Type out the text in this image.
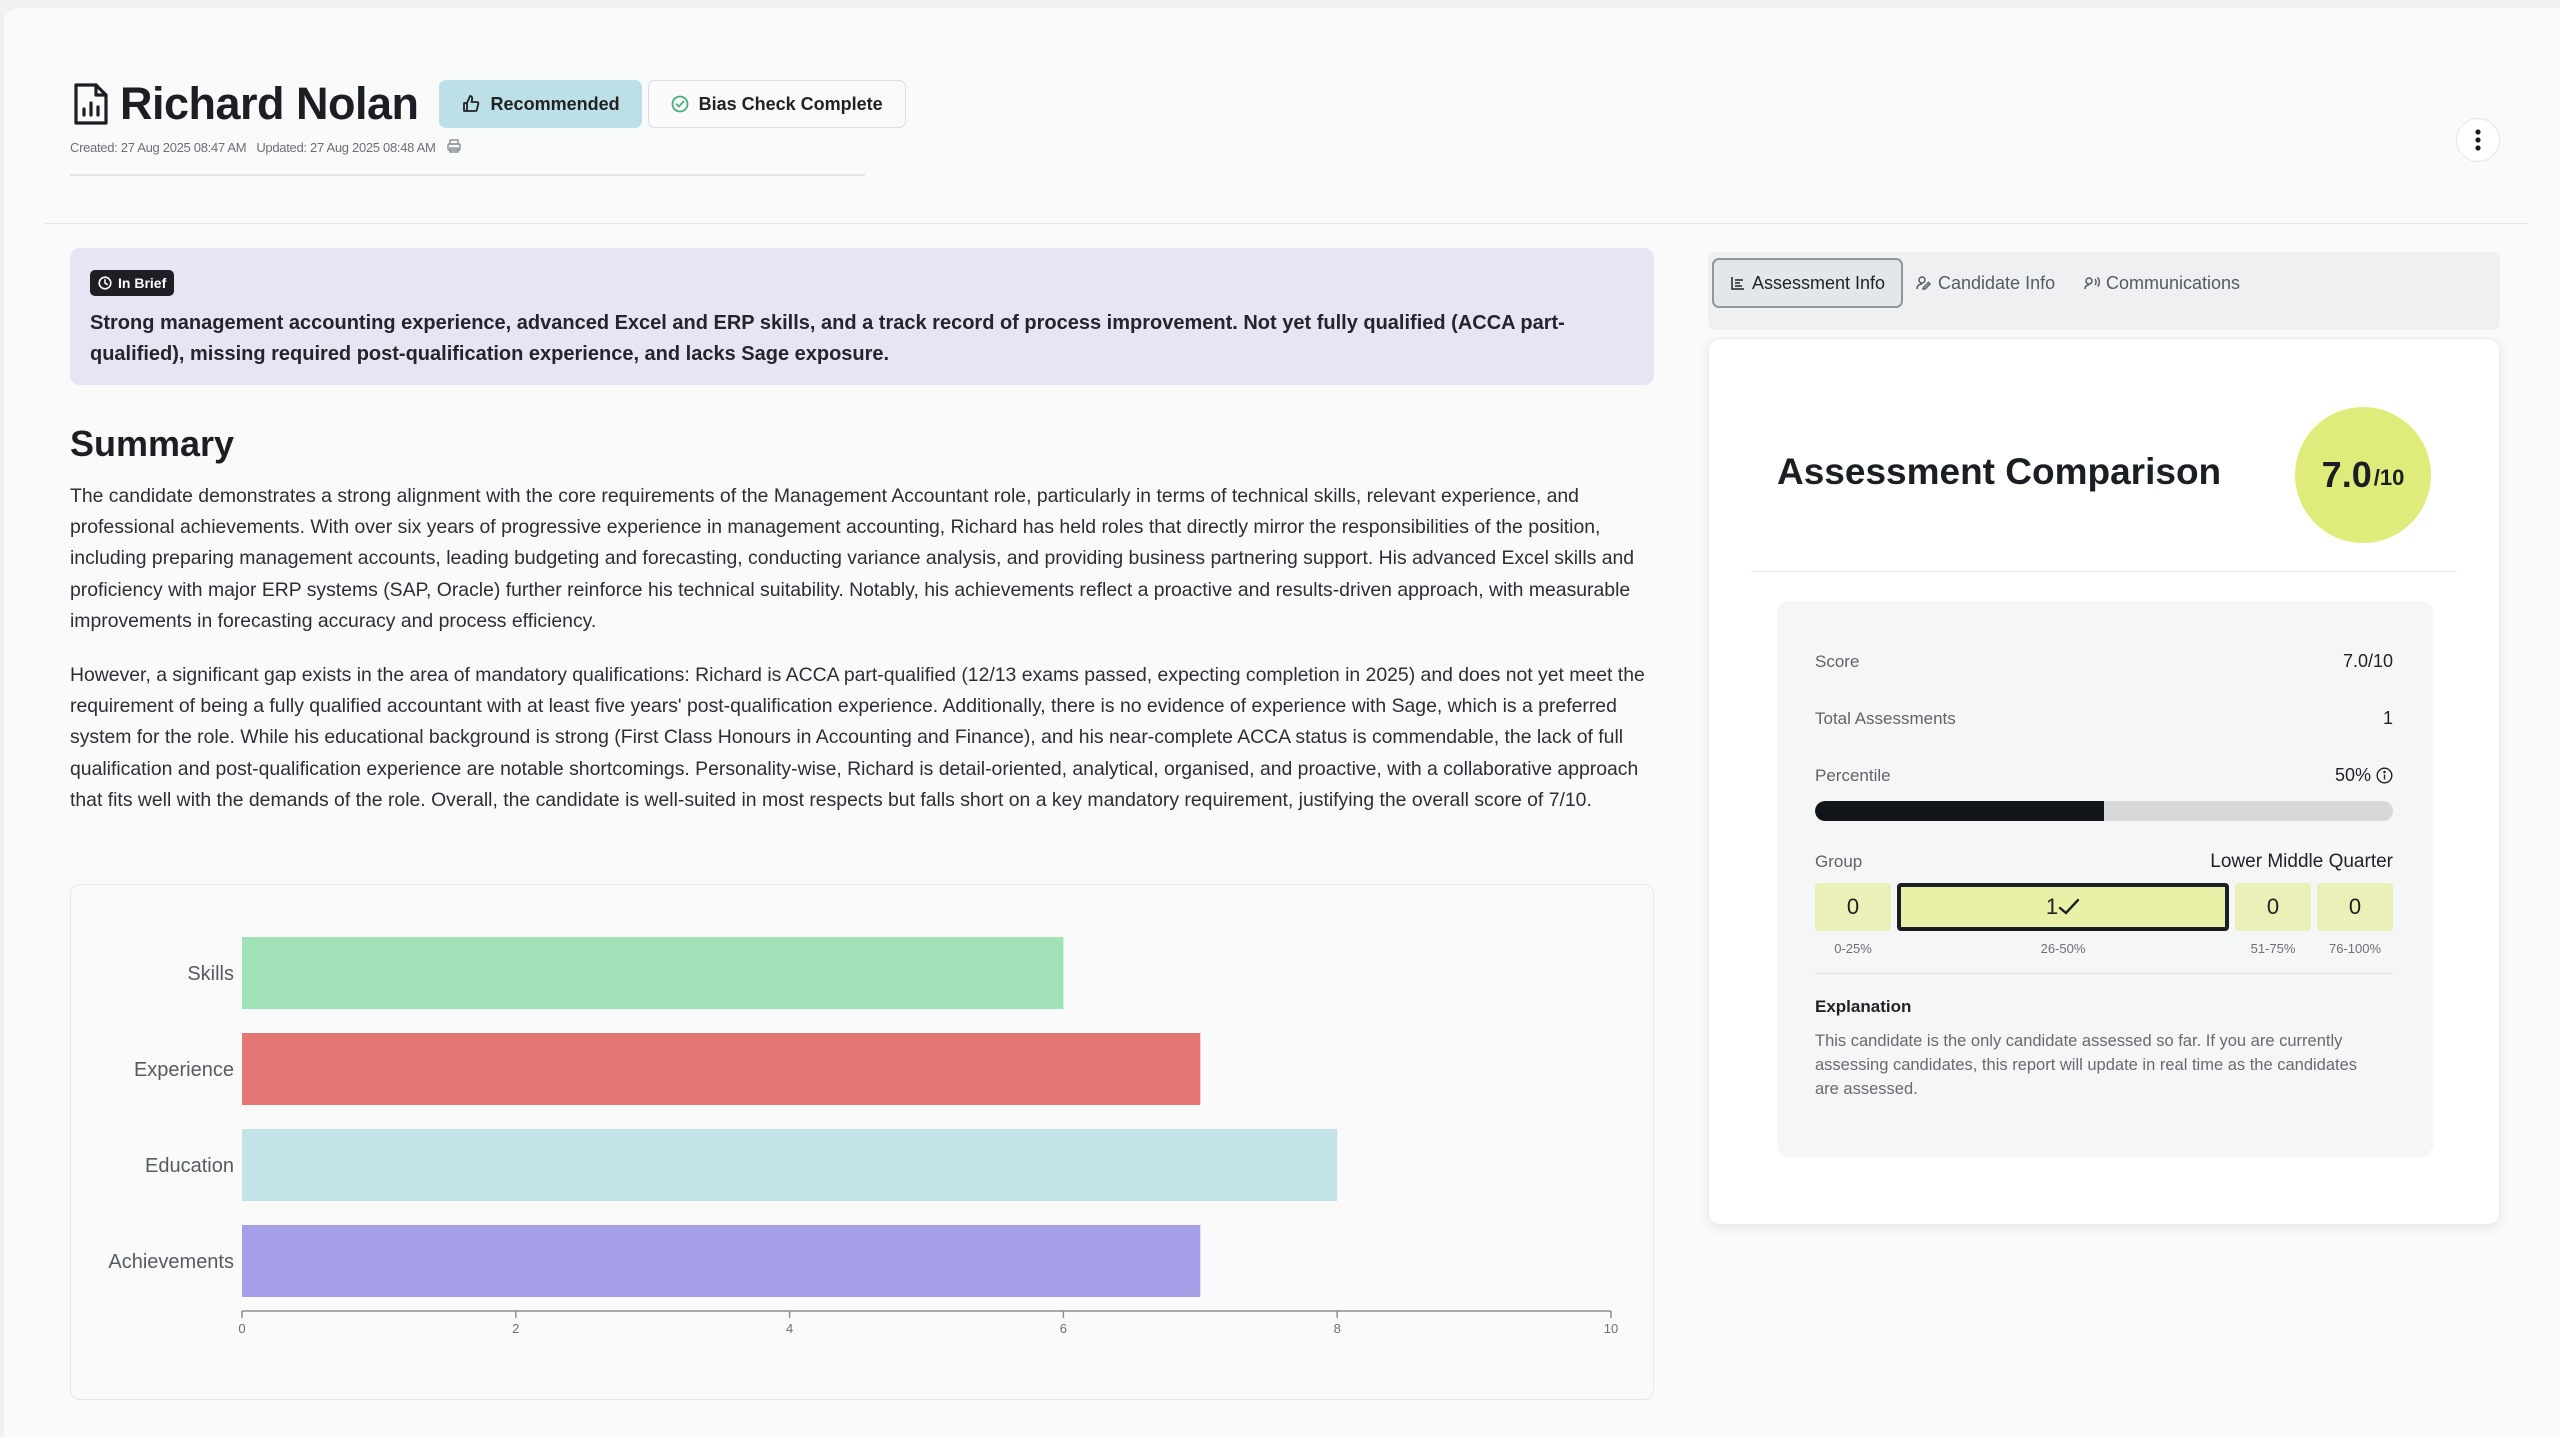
Richard Nolan	Recommended	Bias Check Complete
Created: 27 Aug 2025 08:47 AM Updated: 27 Aug 2025 08:48 AM
In Brief
Strong management accounting experience, advanced Excel and ERP skills, and a track record of process improvement. Not yet fully qualified (ACCA part-qualified), missing required post-qualification experience, and lacks Sage exposure.
Summary
The candidate demonstrates a strong alignment with the core requirements of the Management Accountant role, particularly in terms of technical skills, relevant experience, and professional achievements. With over six years of progressive experience in management accounting, Richard has held roles that directly mirror the responsibilities of the position, including preparing management accounts, leading budgeting and forecasting, conducting variance analysis, and providing business partnering support. His advanced Excel skills and proficiency with major ERP systems (SAP, Oracle) further reinforce his technical suitability. Notably, his achievements reflect a proactive and results-driven approach, with measurable improvements in forecasting accuracy and process efficiency.
However, a significant gap exists in the area of mandatory qualifications: Richard is ACCA part-qualified (12/13 exams passed, expecting completion in 2025) and does not yet meet the requirement of being a fully qualified accountant with at least five years' post-qualification experience. Additionally, there is no evidence of experience with Sage, which is a preferred system for the role. While his educational background is strong (First Class Honours in Accounting and Finance), and his near-complete ACCA status is commendable, the lack of full qualification and post-qualification experience are notable shortcomings. Personality-wise, Richard is detail-oriented, analytical, organised, and proactive, with a collaborative approach that fits well with the demands of the role. Overall, the candidate is well-suited in most respects but falls short on a key mandatory requirement, justifying the overall score of 7/10.
Skills
Experience
Education
Achievements
0	2	4	6	8	10
Assessment Info	Candidate Info	Communications
Assessment Comparison	7.0 /10
Score	7.0/10
Total Assessments	1
Percentile	50%
Group	Lower Middle Quarter
0	1	0	0
0-25%	26-50%	51-75%	76-100%
Explanation
This candidate is the only candidate assessed so far. If you are currently assessing candidates, this report will update in real time as the candidates are assessed.
